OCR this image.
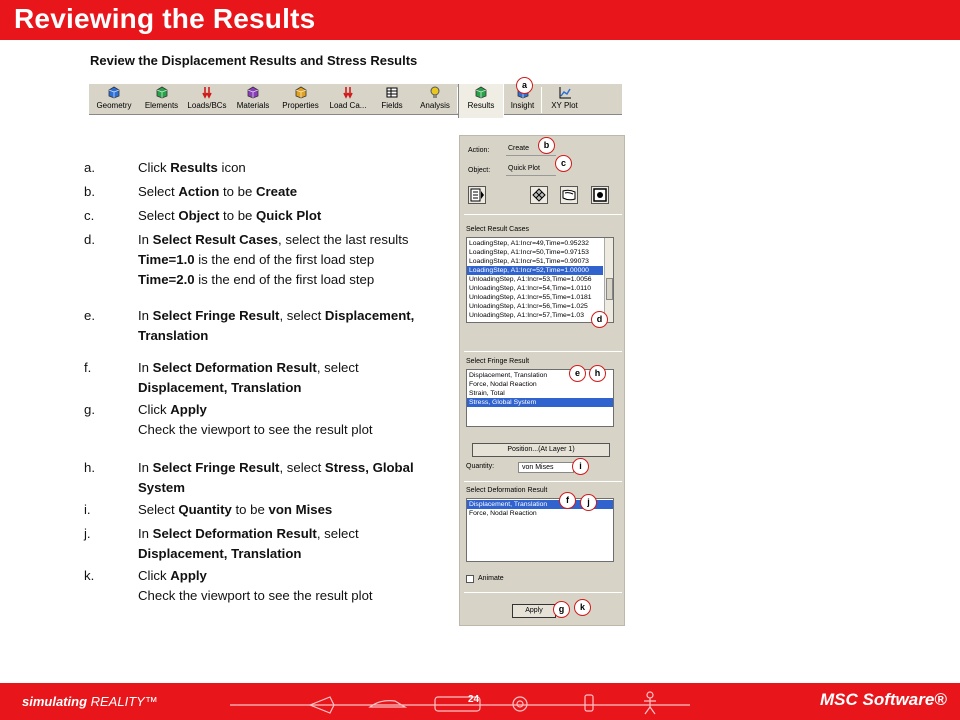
Reviewing the Results
Review the Displacement Results and Stress Results
Geometry Elements Loads/BCs Materials Properties Load Ca... Fields Analysis Results Insight XY Plot
a.	Click Results icon
b.	Select Action to be Create
c.	Select Object to be Quick Plot
d.	In Select Result Cases, select the last results
Time=1.0 is the end of the first load step
Time=2.0 is the end of the first load step
e.	In Select Fringe Result, select Displacement, Translation
f.	In Select Deformation Result, select Displacement, Translation
g.	Click Apply
Check the viewport to see the result plot
h.	In Select Fringe Result, select Stress, Global System
i.	Select Quantity to be von Mises
j.	In Select Deformation Result, select Displacement, Translation
k.	Click Apply
Check the viewport to see the result plot
Action:	Create
Object:	Quick Plot
Select Result Cases
LoadingStep, A1:Incr=49,Time=0.95232
LoadingStep, A1:Incr=50,Time=0.97153
LoadingStep, A1:Incr=51,Time=0.99073
LoadingStep, A1:Incr=52,Time=1.00000
UnloadingStep, A1:Incr=53,Time=1.0056
UnloadingStep, A1:Incr=54,Time=1.0110
UnloadingStep, A1:Incr=55,Time=1.0181
UnloadingStep, A1:Incr=56,Time=1.025
UnloadingStep, A1:Incr=57,Time=1.03
Select Fringe Result
Displacement, Translation
Force, Nodal Reaction
Strain, Total
Stress, Global System
Position...(At Layer 1)
Quantity:	von Mises
Select Deformation Result
Displacement, Translation
Force, Nodal Reaction
Animate
Apply
a
b
c
d
e	h
i
f	j
g	k
simulating REALITY™	24	MSC Software®
